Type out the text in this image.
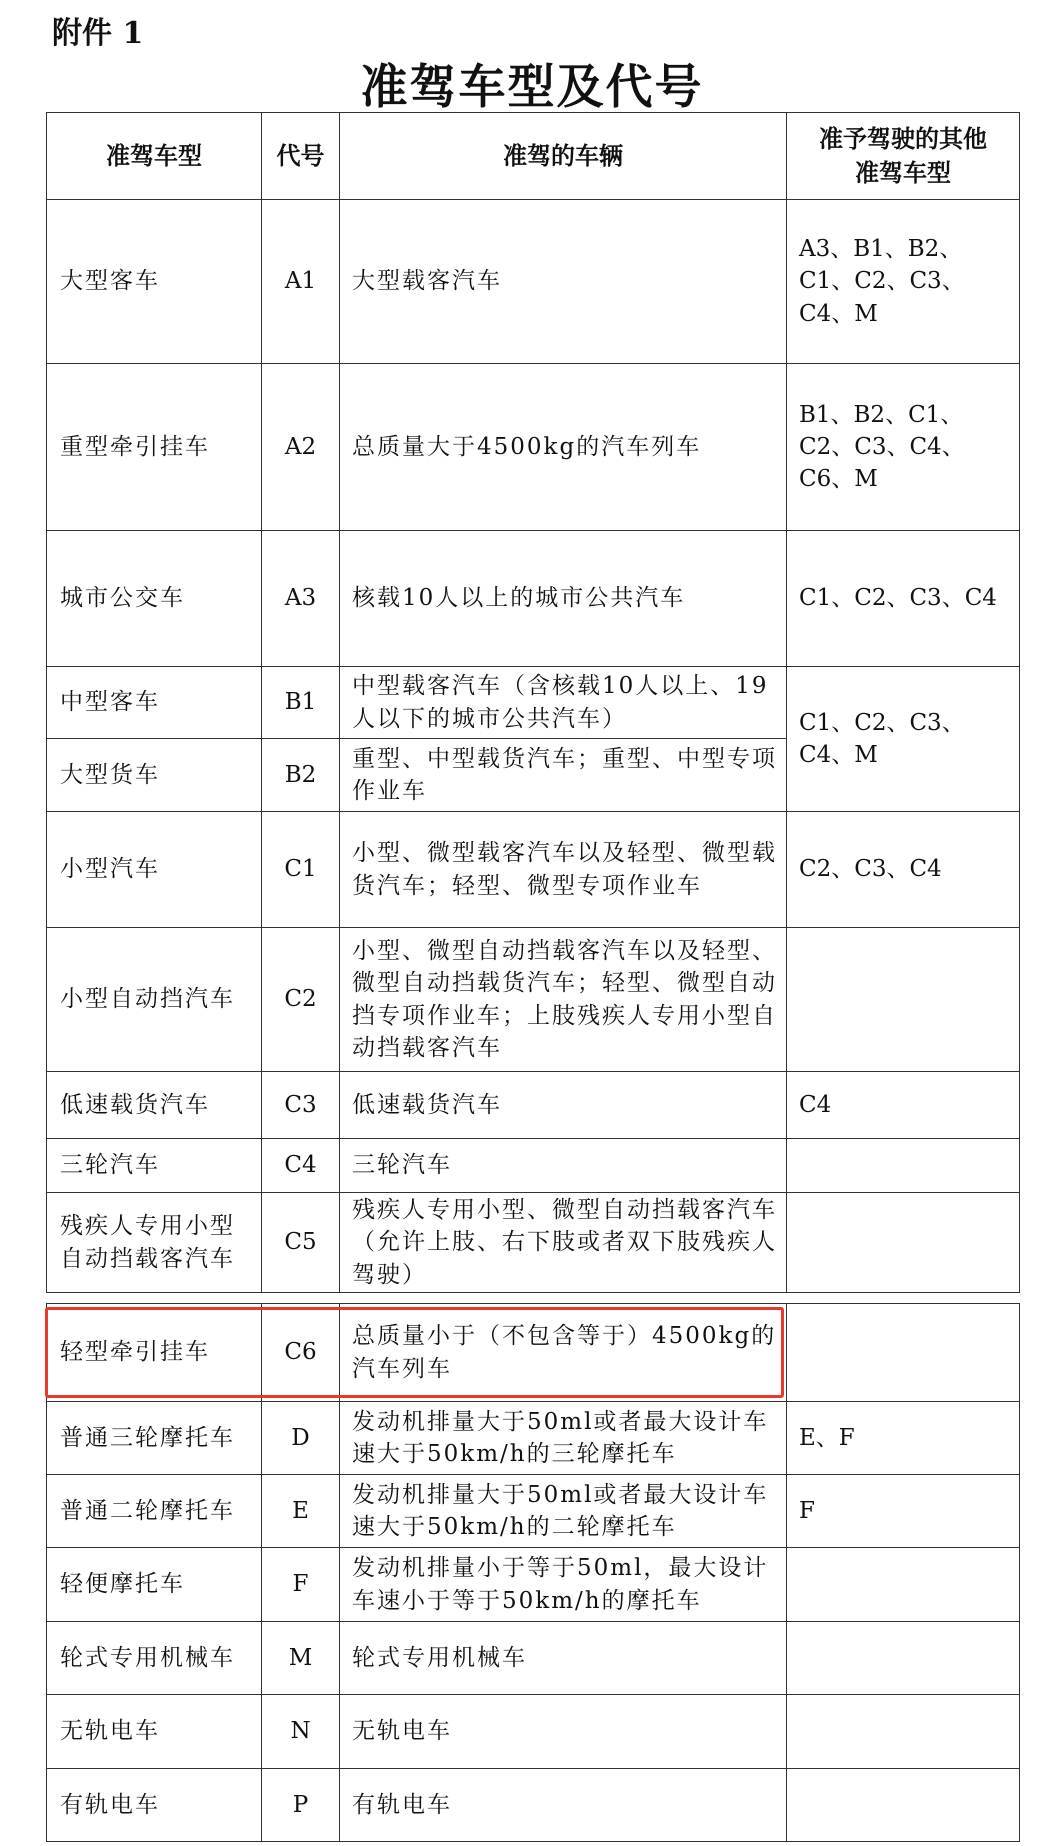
附件 1
准驾车型及代号
准驾车型	代号	准驾的车辆	准予驾驶的其他准驾车型
大型客车	A1	大型载客汽车	A3、B1、B2、C1、C2、C3、C4、M
重型牵引挂车	A2	总质量大于4500kg的汽车列车	B1、B2、C1、C2、C3、C4、C6、M
城市公交车	A3	核载10人以上的城市公共汽车	C1、C2、C3、C4
中型客车	B1	中型载客汽车（含核载10人以上、19人以下的城市公共汽车）	C1、C2、C3、C4、M
大型货车	B2	重型、中型载货汽车；重型、中型专项作业车	
小型汽车	C1	小型、微型载客汽车以及轻型、微型载货汽车；轻型、微型专项作业车	C2、C3、C4
小型自动挡汽车	C2	小型、微型自动挡载客汽车以及轻型、微型自动挡载货汽车；轻型、微型自动挡专项作业车；上肢残疾人专用小型自动挡载客汽车	
低速载货汽车	C3	低速载货汽车	C4
三轮汽车	C4	三轮汽车	
残疾人专用小型自动挡载客汽车	C5	残疾人专用小型、微型自动挡载客汽车（允许上肢、右下肢或者双下肢残疾人驾驶）	

轻型牵引挂车	C6	总质量小于（不包含等于）4500kg的汽车列车	
普通三轮摩托车	D	发动机排量大于50ml或者最大设计车速大于50km/h的三轮摩托车	E、F
普通二轮摩托车	E	发动机排量大于50ml或者最大设计车速大于50km/h的二轮摩托车	F
轻便摩托车	F	发动机排量小于等于50ml，最大设计车速小于等于50km/h的摩托车	
轮式专用机械车	M	轮式专用机械车	
无轨电车	N	无轨电车	
有轨电车	P	有轨电车	
